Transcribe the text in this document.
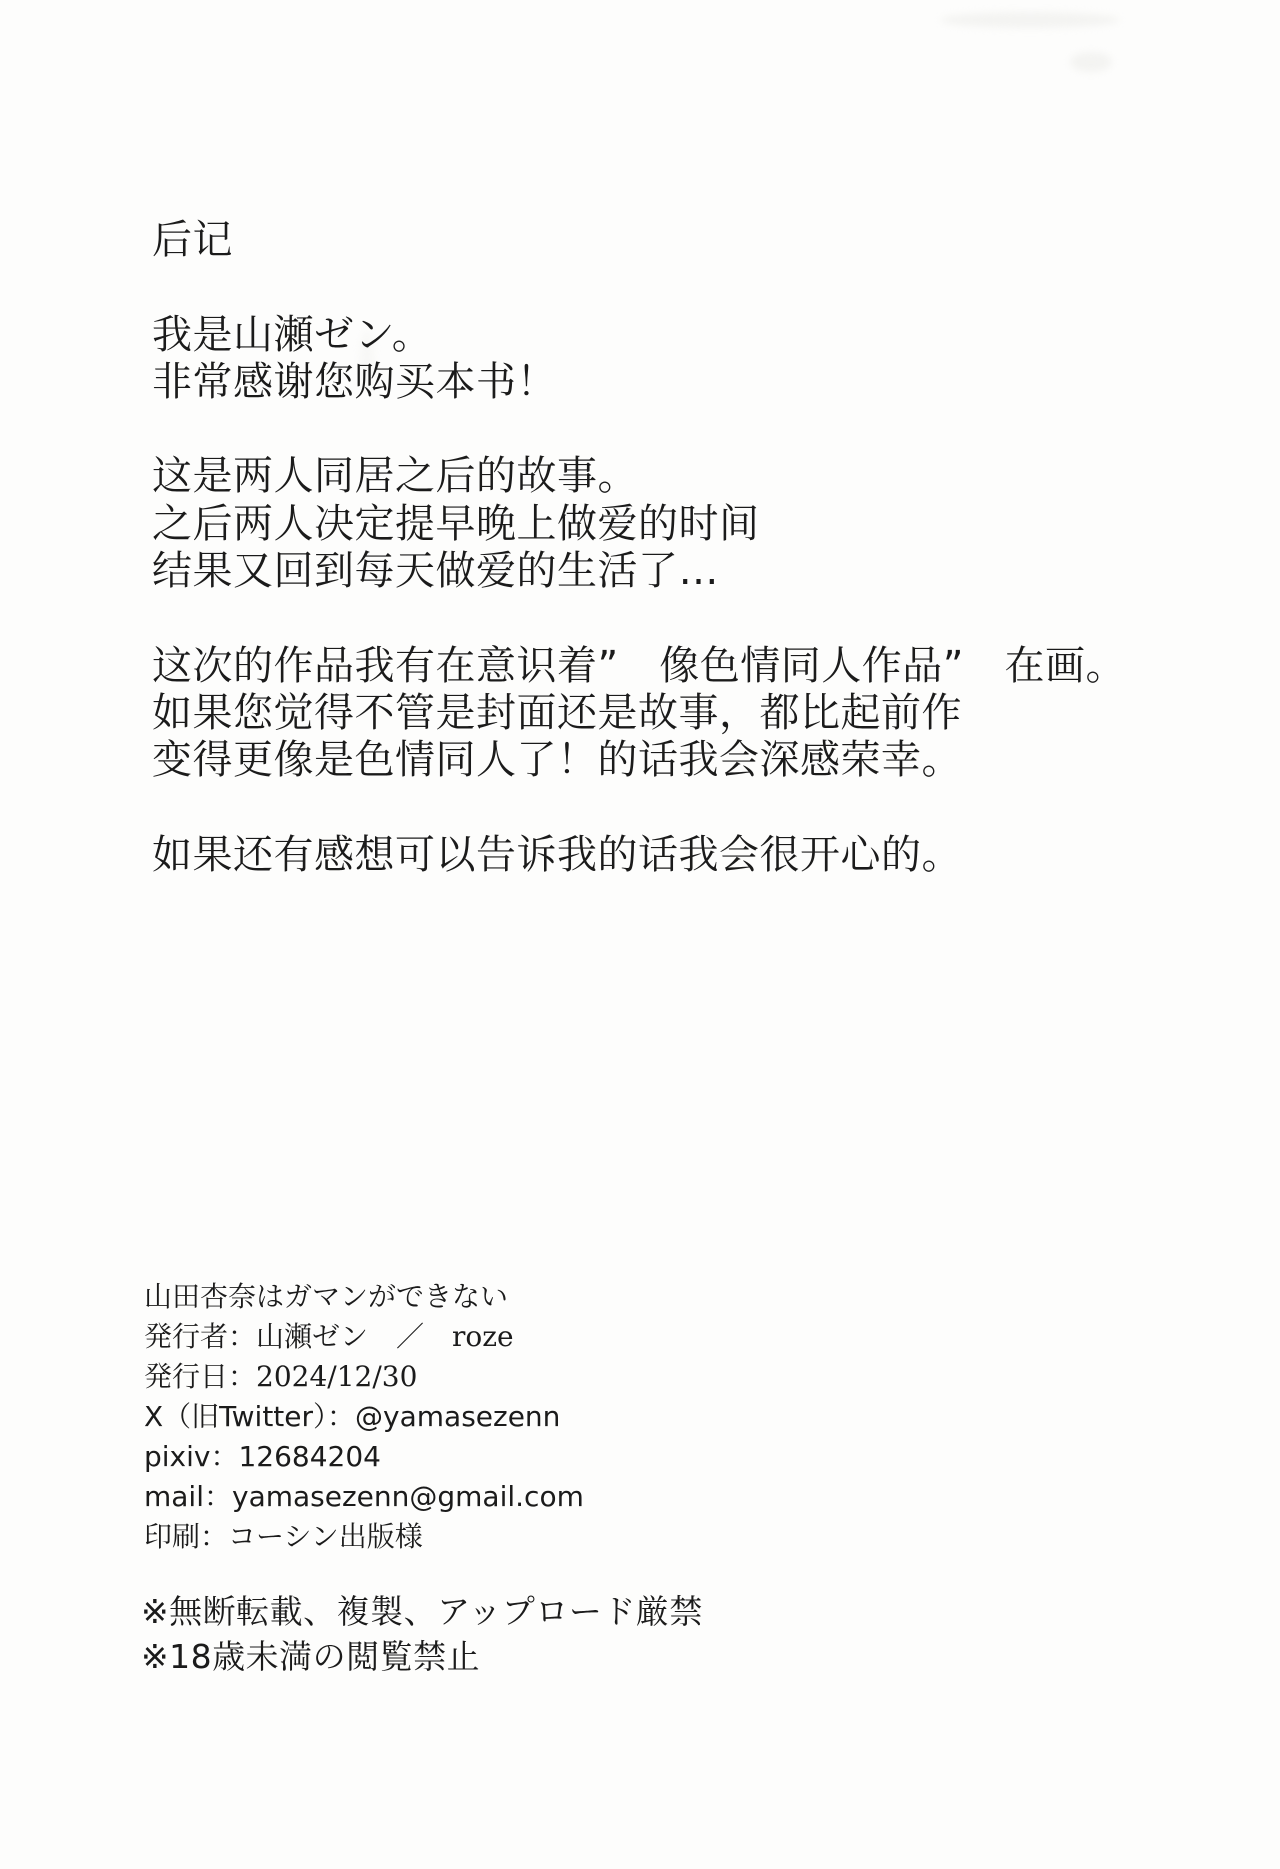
后记
我是山瀬ゼン。
非常感谢您购买本书！
这是两人同居之后的故事。
之后两人决定提早晚上做爱的时间
结果又回到每天做爱的生活了…
这次的作品我有在意识着”　像色情同人作品”　在画。
如果您觉得不管是封面还是故事，都比起前作
变得更像是色情同人了！的话我会深感荣幸。
如果还有感想可以告诉我的话我会很开心的。
山田杏奈はガマンができない
発行者：山瀬ゼン　／　roze
発行日：2024/12/30
X（旧Twitter）：@yamasezenn
pixiv：12684204
mail：yamasezenn@gmail.com
印刷：コーシン出版様
※無断転載、複製、アップロード厳禁
※18歳未満の閲覧禁止
